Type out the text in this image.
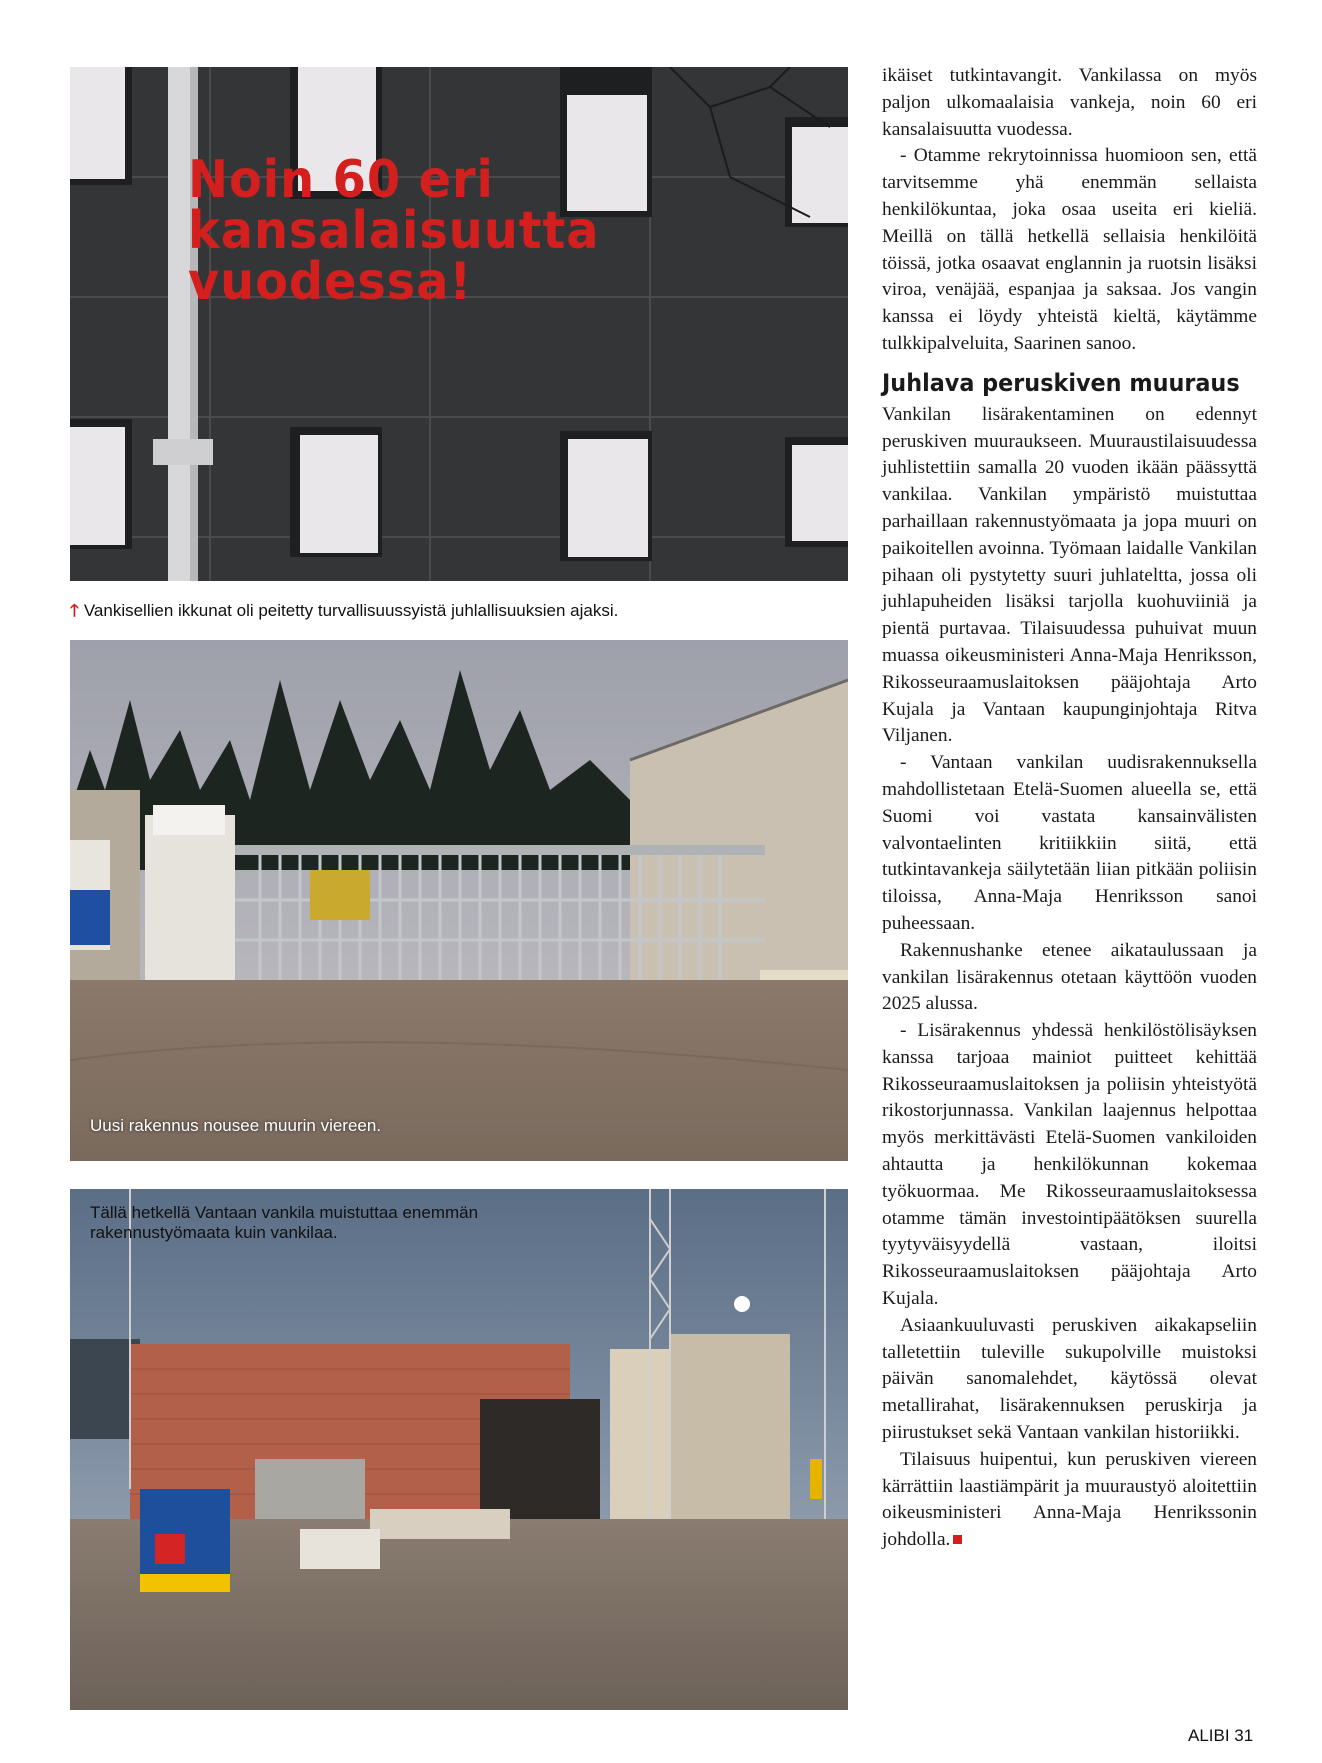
Noin 60 eri kansalaisuutta vuodessa!
🡑 Vankisellien ikkunat oli peitetty turvallisuussyistä juhlallisuuksien ajaksi.
Uusi rakennus nousee muurin viereen.
Tällä hetkellä Vantaan vankila muistuttaa enemmän rakennustyömaata kuin vankilaa.

ikäiset tutkintavangit. Vankilassa on myös paljon ulkomaalaisia vankeja, noin 60 eri kansalaisuutta vuodessa.

- Otamme rekrytoinnissa huomioon sen, että tarvitsemme yhä enemmän sellaista henkilökuntaa, joka osaa useita eri kieliä. Meillä on tällä hetkellä sellaisia henkilöitä töissä, jotka osaavat englannin ja ruotsin lisäksi viroa, venäjää, espanjaa ja saksaa. Jos vangin kanssa ei löydy yhteistä kieltä, käytämme tulkkipalveluita, Saarinen sanoo.

Juhlava peruskiven muuraus

Vankilan lisärakentaminen on edennyt peruskiven muuraukseen. Muuraustilaisuudessa juhlistettiin samalla 20 vuoden ikään päässyttä vankilaa. Vankilan ympäristö muistuttaa parhaillaan rakennustyömaata ja jopa muuri on paikoitellen avoinna. Työmaan laidalle Vankilan pihaan oli pystytetty suuri juhlateltta, jossa oli juhlapuheiden lisäksi tarjolla kuohuviiniä ja pientä purtavaa. Tilaisuudessa puhuivat muun muassa oikeusministeri Anna-Maja Henriksson, Rikosseuraamuslaitoksen pääjohtaja Arto Kujala ja Vantaan kaupunginjohtaja Ritva Viljanen.

- Vantaan vankilan uudisrakennuksella mahdollistetaan Etelä-Suomen alueella se, että Suomi voi vastata kansainvälisten valvontaelinten kritiikkiin siitä, että tutkintavankeja säilytetään liian pitkään poliisin tiloissa, Anna-Maja Henriksson sanoi puheessaan.

Rakennushanke etenee aikataulussaan ja vankilan lisärakennus otetaan käyttöön vuoden 2025 alussa.

- Lisärakennus yhdessä henkilöstölisäyksen kanssa tarjoaa mainiot puitteet kehittää Rikosseuraamuslaitoksen ja poliisin yhteistyötä rikostorjunnassa. Vankilan laajennus helpottaa myös merkittävästi Etelä-Suomen vankiloiden ahtautta ja henkilökunnan kokemaa työkuormaa. Me Rikosseuraamuslaitoksessa otamme tämän investointipäätöksen suurella tyytyväisyydellä vastaan, iloitsi Rikosseuraamuslaitoksen pääjohtaja Arto Kujala.

Asiaankuuluvasti peruskiven aikakapseliin talletettiin tuleville sukupolville muistoksi päivän sanomalehdet, käytössä olevat metallirahat, lisärakennuksen peruskirja ja piirustukset sekä Vantaan vankilan historiikki.

Tilaisuus huipentui, kun peruskiven viereen kärrättiin laastiämpärit ja muuraustyö aloitettiin oikeusministeri Anna-Maja Henrikssonin johdolla.

ALIBI 31
